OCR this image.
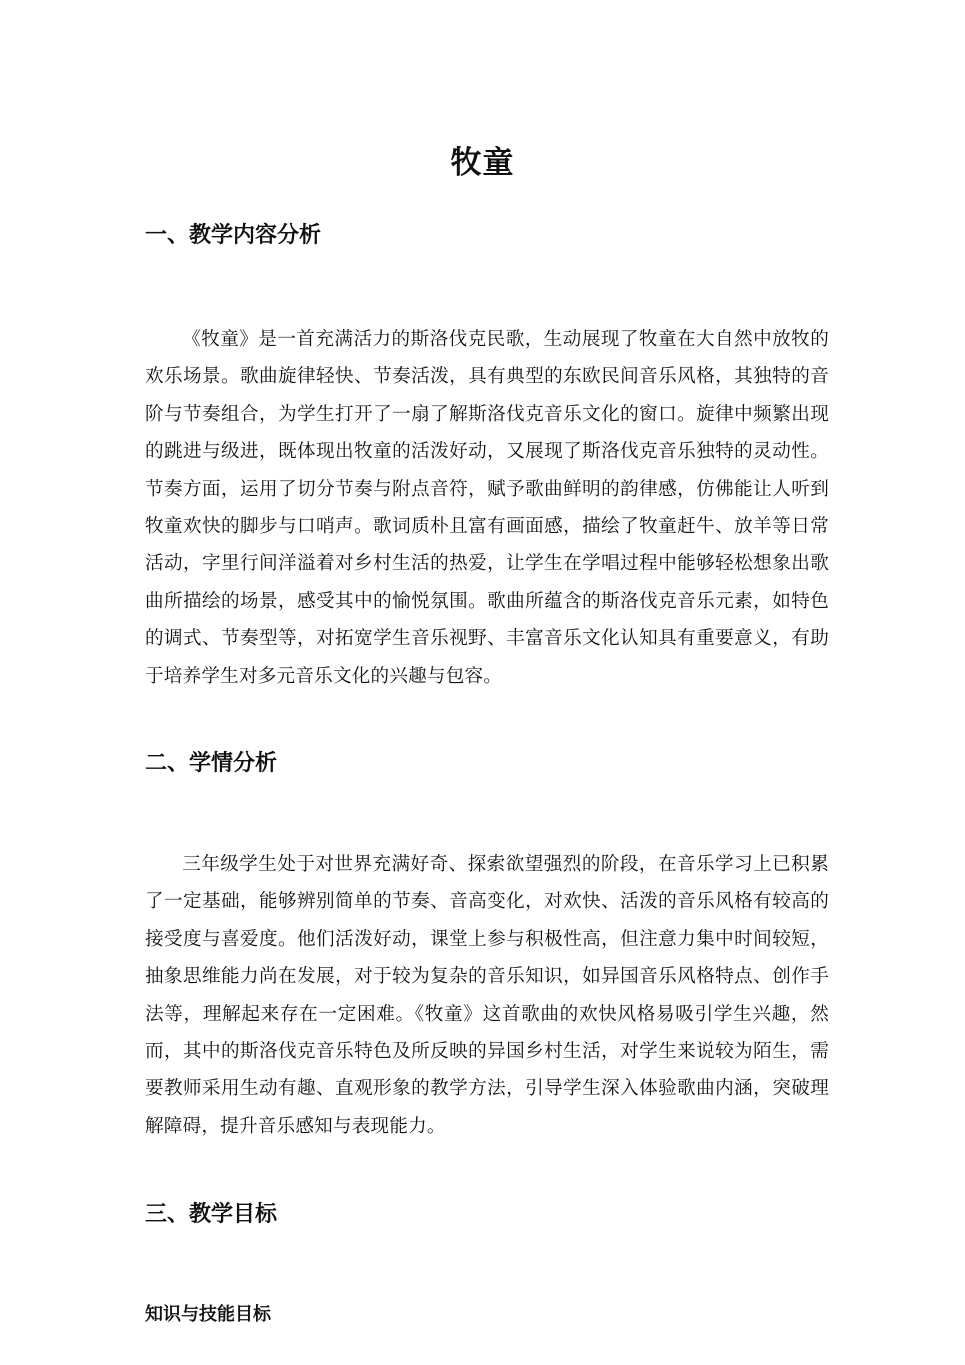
牧童
一、教学内容分析

《牧童》是一首充满活力的斯洛伐克民歌，生动展现了牧童在大自然中放牧的欢乐场景。歌曲旋律轻快、节奏活泼，具有典型的东欧民间音乐风格，其独特的音阶与节奏组合，为学生打开了一扇了解斯洛伐克音乐文化的窗口。旋律中频繁出现的跳进与级进，既体现出牧童的活泼好动，又展现了斯洛伐克音乐独特的灵动性。节奏方面，运用了切分节奏与附点音符，赋予歌曲鲜明的韵律感，仿佛能让人听到牧童欢快的脚步与口哨声。歌词质朴且富有画面感，描绘了牧童赶牛、放羊等日常活动，字里行间洋溢着对乡村生活的热爱，让学生在学唱过程中能够轻松想象出歌曲所描绘的场景，感受其中的愉悦氛围。歌曲所蕴含的斯洛伐克音乐元素，如特色的调式、节奏型等，对拓宽学生音乐视野、丰富音乐文化认知具有重要意义，有助于培养学生对多元音乐文化的兴趣与包容。

二、学情分析

三年级学生处于对世界充满好奇、探索欲望强烈的阶段，在音乐学习上已积累了一定基础，能够辨别简单的节奏、音高变化，对欢快、活泼的音乐风格有较高的接受度与喜爱度。他们活泼好动，课堂上参与积极性高，但注意力集中时间较短，抽象思维能力尚在发展，对于较为复杂的音乐知识，如异国音乐风格特点、创作手法等，理解起来存在一定困难。《牧童》这首歌曲的欢快风格易吸引学生兴趣，然而，其中的斯洛伐克音乐特色及所反映的异国乡村生活，对学生来说较为陌生，需要教师采用生动有趣、直观形象的教学方法，引导学生深入体验歌曲内涵，突破理解障碍，提升音乐感知与表现能力。

三、教学目标
知识与技能目标
